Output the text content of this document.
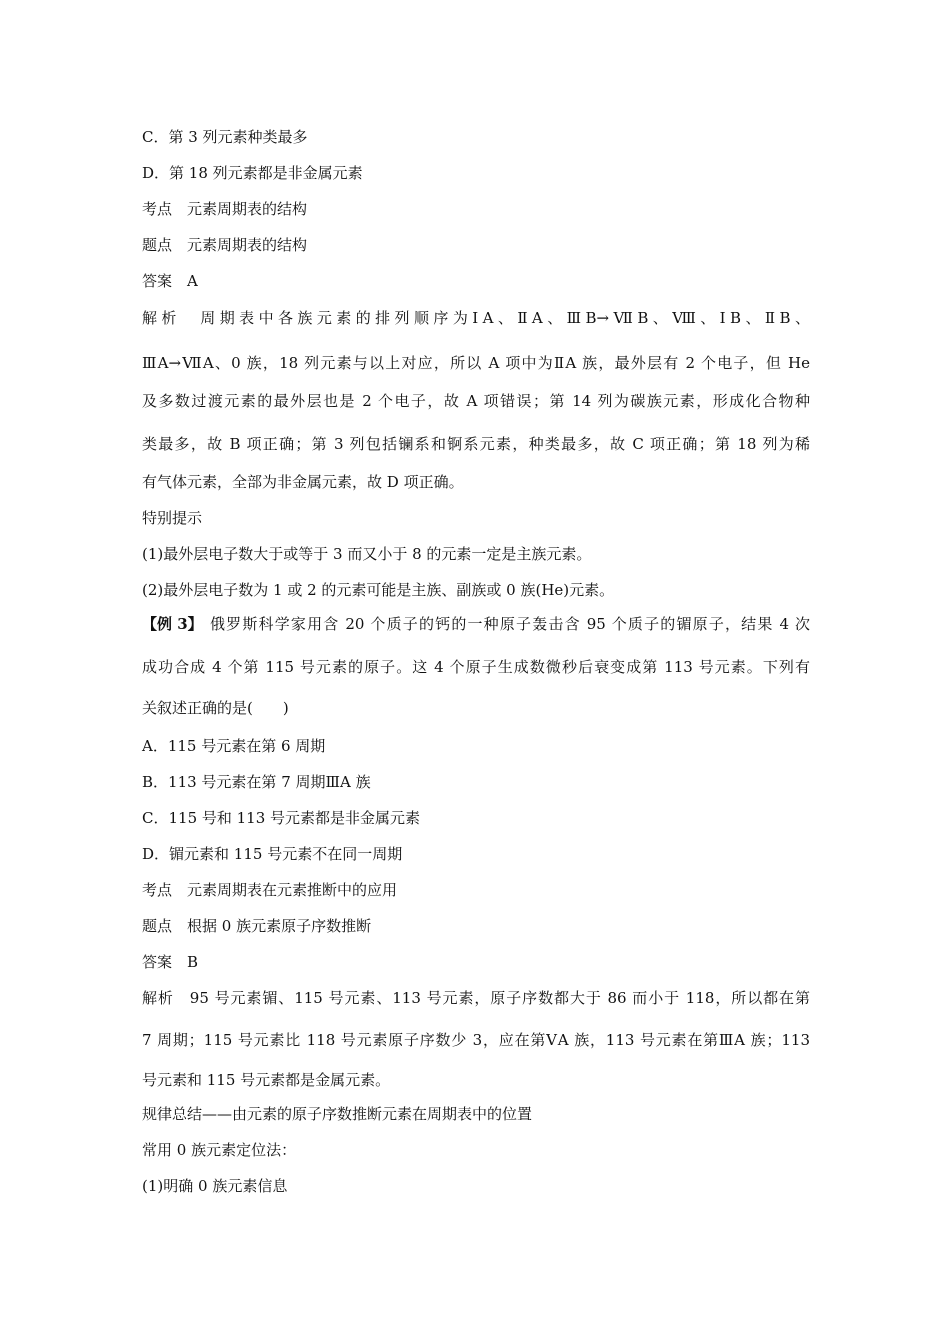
C．第 3 列元素种类最多
D．第 18 列元素都是非金属元素
考点　元素周期表的结构
题点　元素周期表的结构
答案　A
解析　周期表中各族元素的排列顺序为ⅠA、ⅡA、ⅢB→ⅦB、Ⅷ、ⅠB、ⅡB、
ⅢA→ⅦA、0 族，18 列元素与以上对应，所以 A 项中为ⅡA 族，最外层有 2 个电子，但 He
及多数过渡元素的最外层也是 2 个电子，故 A 项错误；第 14 列为碳族元素，形成化合物种
类最多，故 B 项正确；第 3 列包括镧系和锕系元素，种类最多，故 C 项正确；第 18 列为稀
有气体元素，全部为非金属元素，故 D 项正确。
特别提示
(1)最外层电子数大于或等于 3 而又小于 8 的元素一定是主族元素。
(2)最外层电子数为 1 或 2 的元素可能是主族、副族或 0 族(He)元素。
俄罗斯科学家用含 20 个质子的钙的一种原子轰击含 95 个质子的镅原子，结果 4 次
【例 3】
成功合成 4 个第 115 号元素的原子。这 4 个原子生成数微秒后衰变成第 113 号元素。下列有
关叙述正确的是(　　)
A．115 号元素在第 6 周期
B．113 号元素在第 7 周期ⅢA 族
C．115 号和 113 号元素都是非金属元素
D．镅元素和 115 号元素不在同一周期
考点　元素周期表在元素推断中的应用
题点　根据 0 族元素原子序数推断
答案　B
解析　95 号元素镅、115 号元素、113 号元素，原子序数都大于 86 而小于 118，所以都在第
7 周期；115 号元素比 118 号元素原子序数少 3，应在第ⅤA 族，113 号元素在第ⅢA 族；113
号元素和 115 号元素都是金属元素。
规律总结——由元素的原子序数推断元素在周期表中的位置
常用 0 族元素定位法：
(1)明确 0 族元素信息
